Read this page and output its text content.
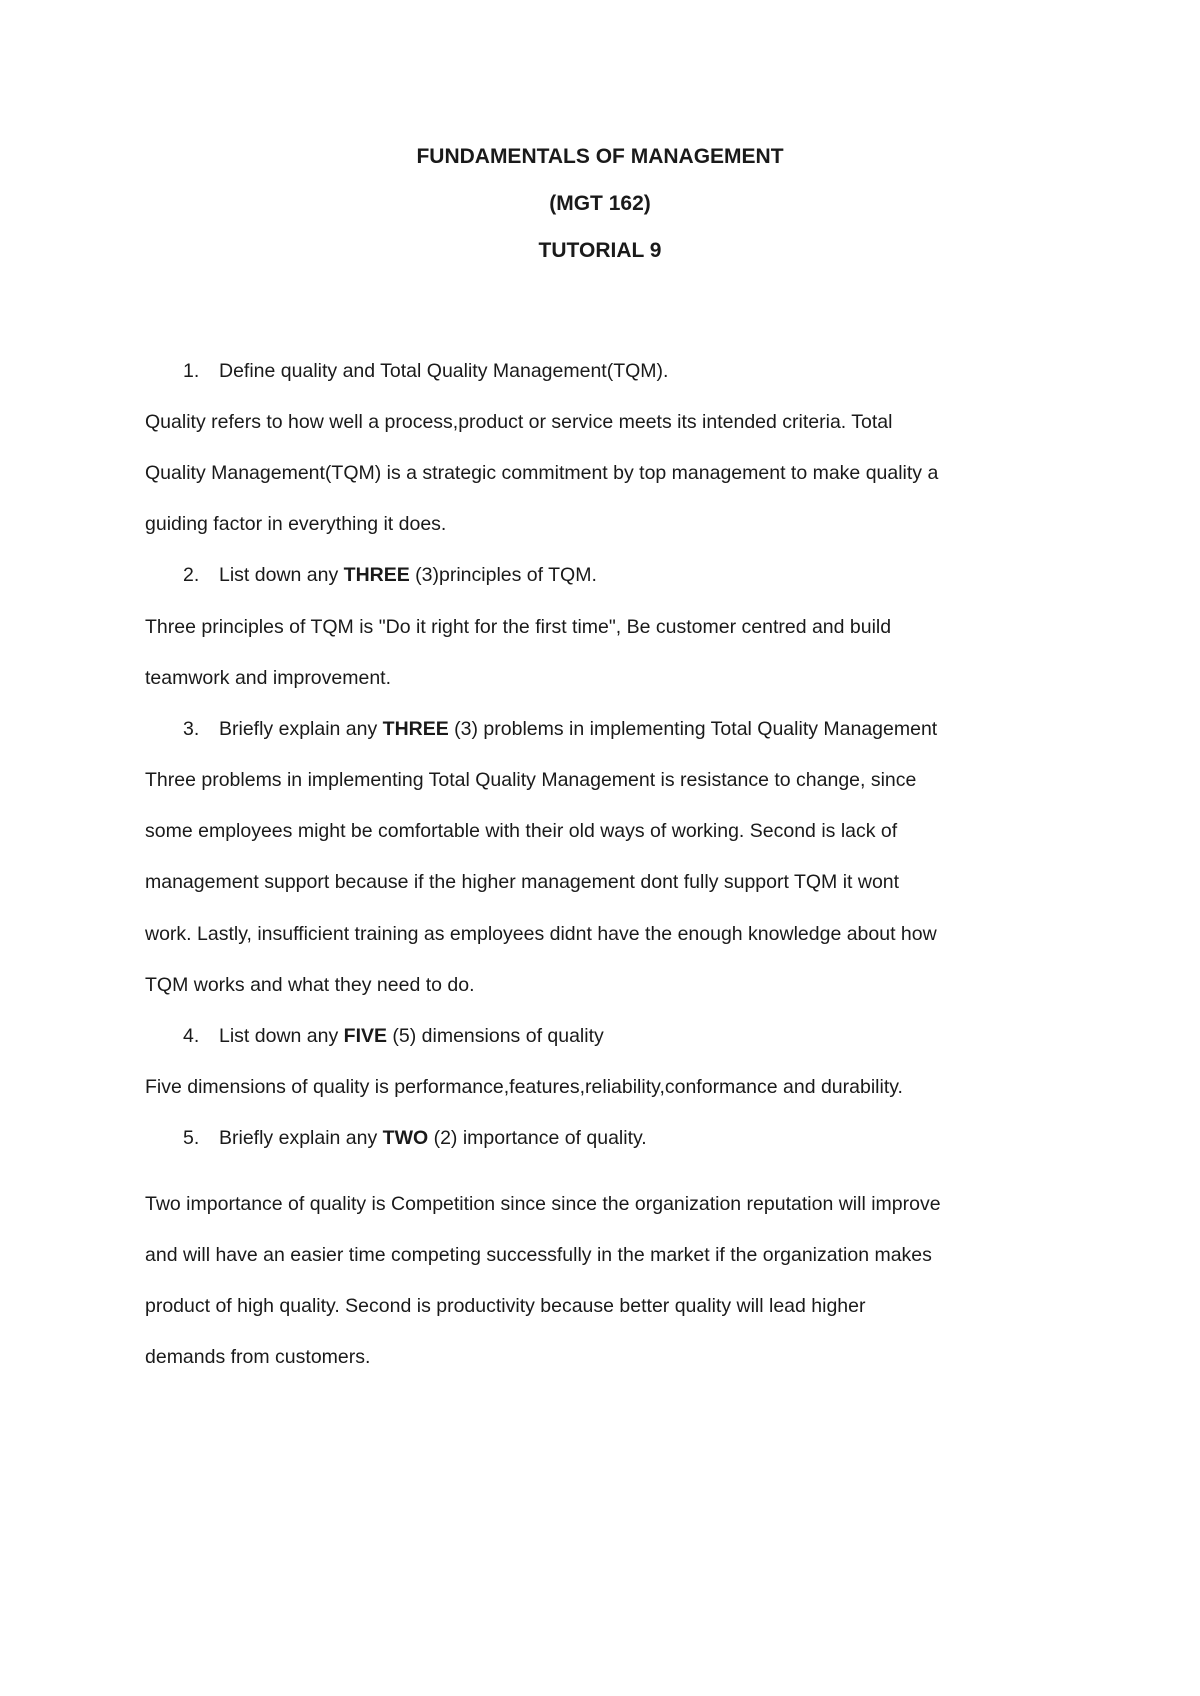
FUNDAMENTALS OF MANAGEMENT

(MGT 162)

TUTORIAL 9

1. Define quality and Total Quality Management(TQM).

Quality refers to how well a process,product or service meets its intended criteria. Total

Quality Management(TQM) is a strategic commitment by top management to make quality a

guiding factor in everything it does.

2. List down any THREE (3)principles of TQM.

Three principles of TQM is "Do it right for the first time", Be customer centred and build

teamwork and improvement.

3. Briefly explain any THREE (3) problems in implementing Total Quality Management

Three problems in implementing Total Quality Management is resistance to change, since

some employees might be comfortable with their old ways of working. Second is lack of

management support because if the higher management dont fully support TQM it wont

work. Lastly, insufficient training as employees didnt have the enough knowledge about how

TQM works and what they need to do.

4. List down any FIVE (5) dimensions of quality

Five dimensions of quality is performance,features,reliability,conformance and durability.

5. Briefly explain any TWO (2) importance of quality.

Two importance of quality is Competition since since the organization reputation will improve

and will have an easier time competing successfully in the market if the organization makes

product of high quality. Second is productivity because better quality will lead higher

demands from customers.
